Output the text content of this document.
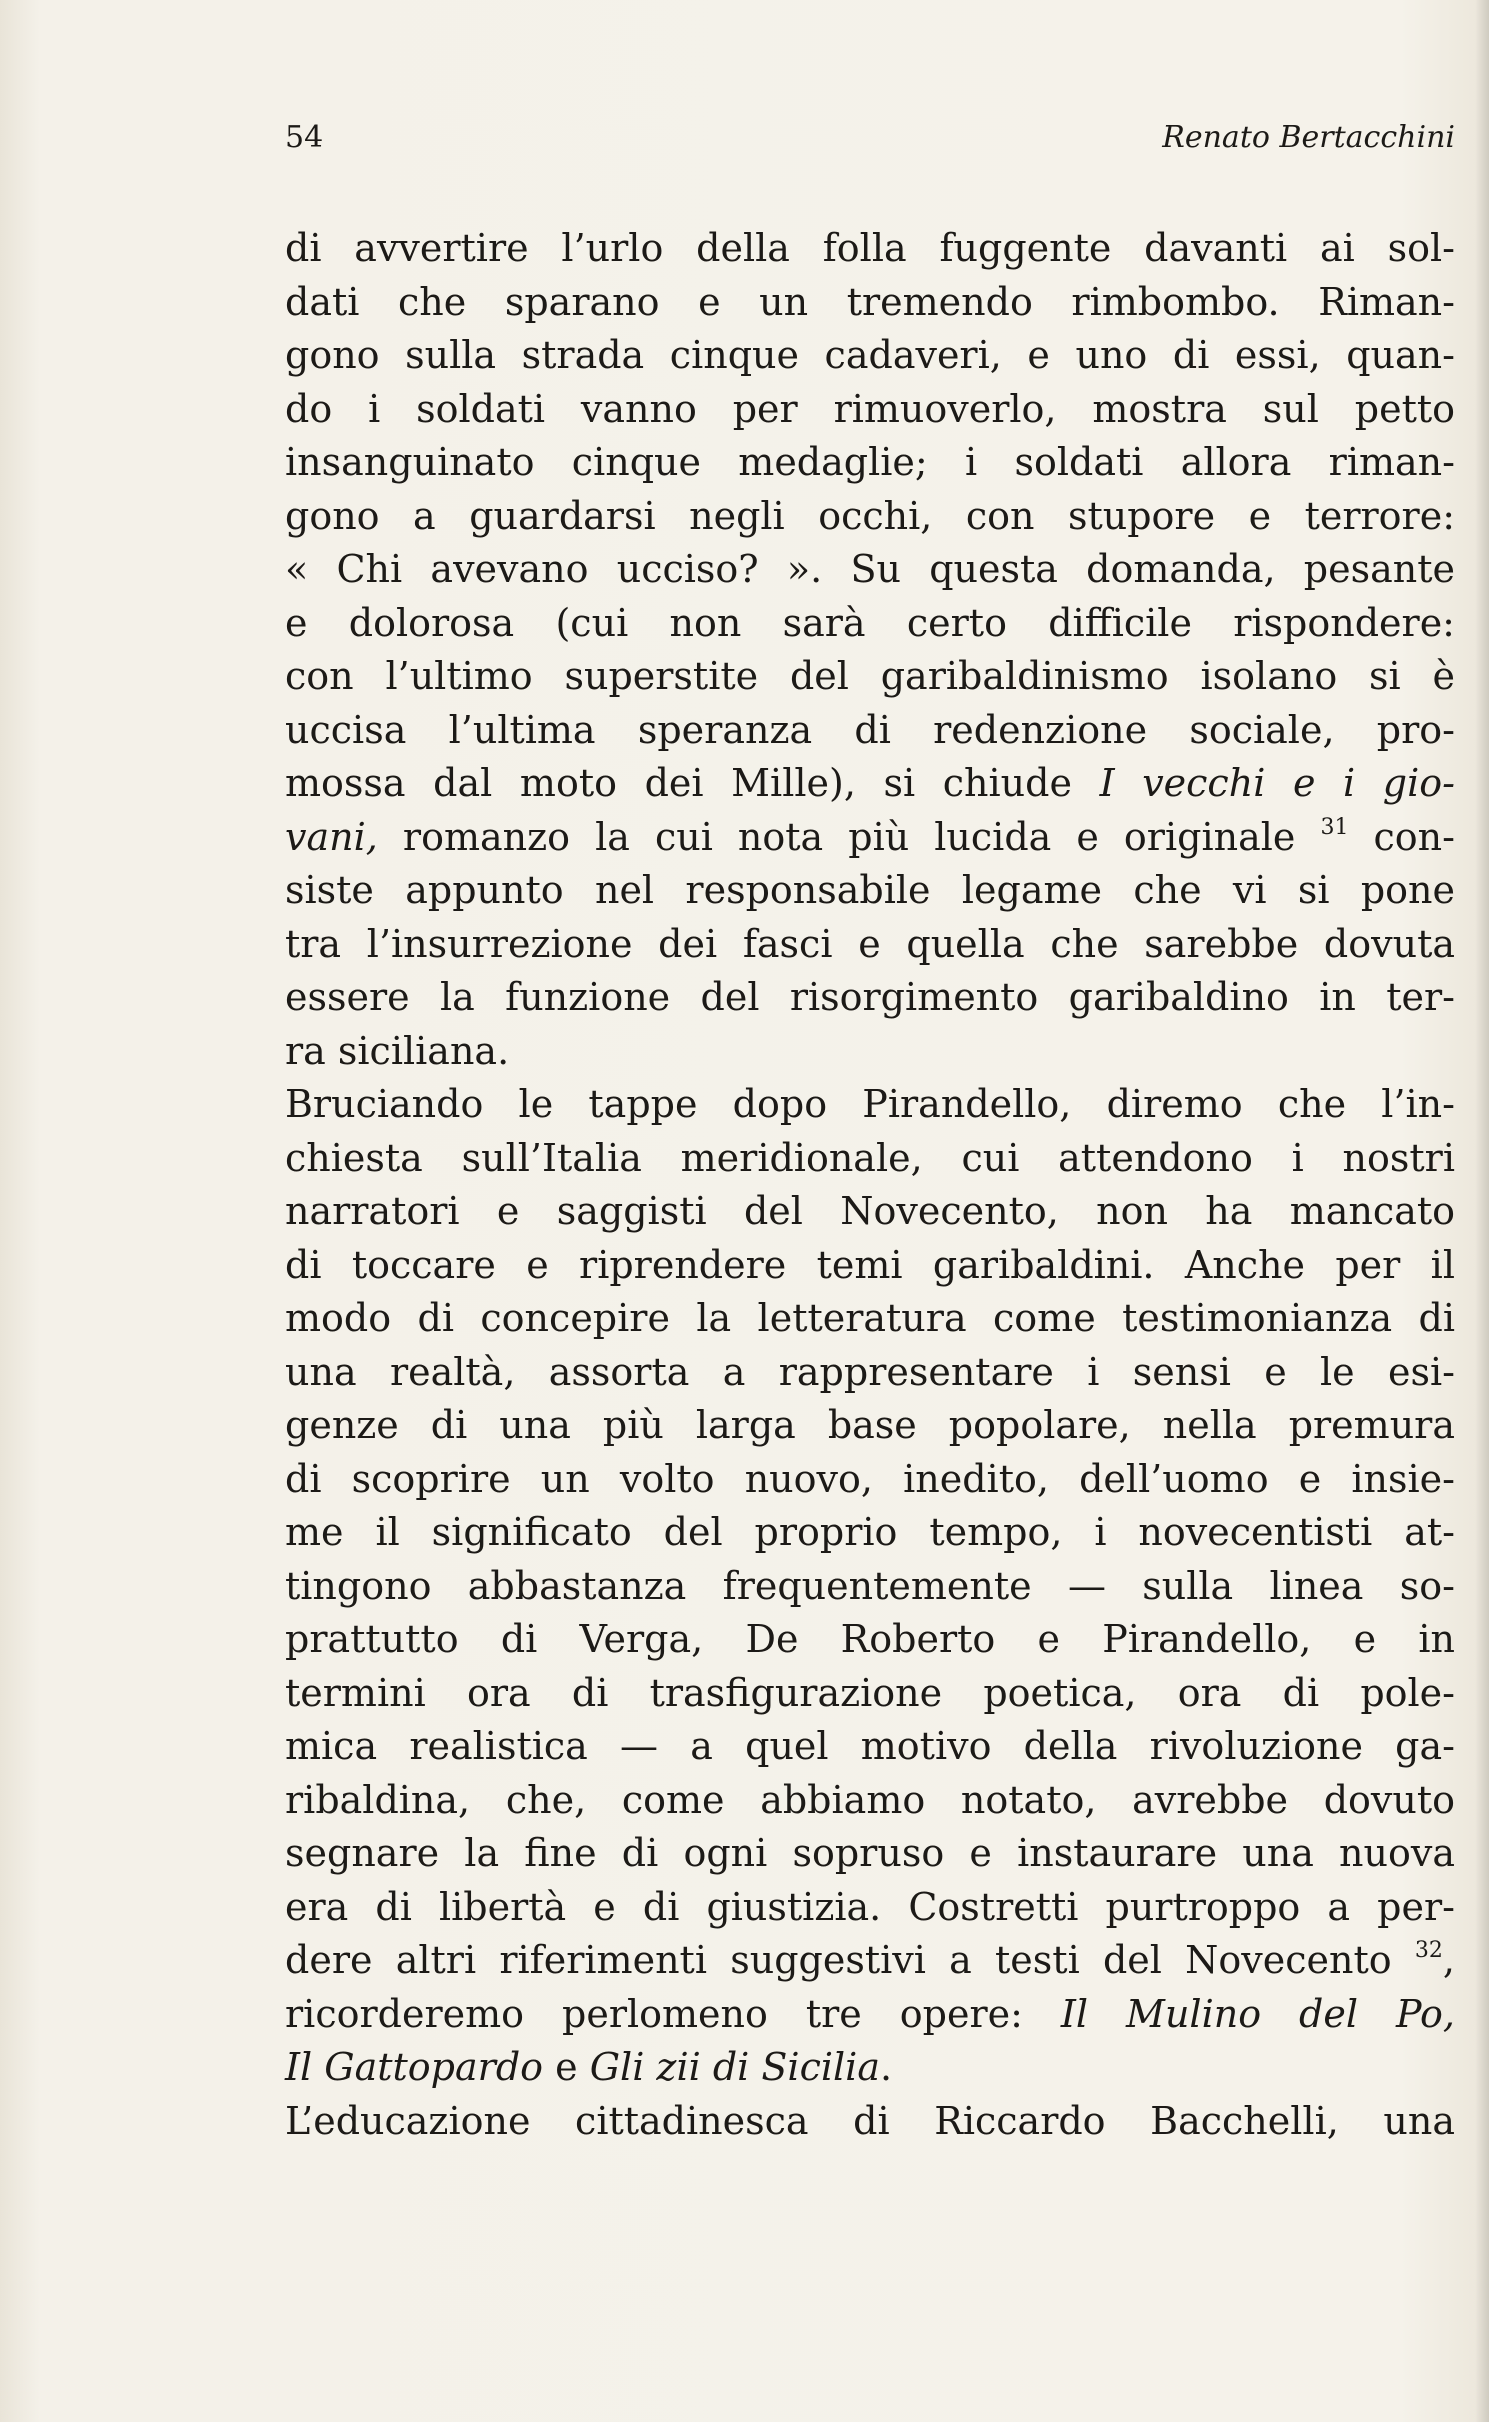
54	Renato Bertacchini
di avvertire l’urlo della folla fuggente davanti ai sol-
dati che sparano e un tremendo rimbombo. Riman-
gono sulla strada cinque cadaveri, e uno di essi, quan-
do i soldati vanno per rimuoverlo, mostra sul petto
insanguinato cinque medaglie; i soldati allora riman-
gono a guardarsi negli occhi, con stupore e terrore:
« Chi avevano ucciso? ». Su questa domanda, pesante
e dolorosa (cui non sarà certo difficile rispondere:
con l’ultimo superstite del garibaldinismo isolano si è
uccisa l’ultima speranza di redenzione sociale, pro-
mossa dal moto dei Mille), si chiude I vecchi e i gio-
vani, romanzo la cui nota più lucida e originale $^{31}$ con-
siste appunto nel responsabile legame che vi si pone
tra l’insurrezione dei fasci e quella che sarebbe dovuta
essere la funzione del risorgimento garibaldino in ter-
ra siciliana.
Bruciando le tappe dopo Pirandello, diremo che l’in-
chiesta sull’Italia meridionale, cui attendono i nostri
narratori e saggisti del Novecento, non ha mancato
di toccare e riprendere temi garibaldini. Anche per il
modo di concepire la letteratura come testimonianza di
una realtà, assorta a rappresentare i sensi e le esi-
genze di una più larga base popolare, nella premura
di scoprire un volto nuovo, inedito, dell’uomo e insie-
me il significato del proprio tempo, i novecentisti at-
tingono abbastanza frequentemente — sulla linea so-
prattutto di Verga, De Roberto e Pirandello, e in
termini ora di trasfigurazione poetica, ora di pole-
mica realistica — a quel motivo della rivoluzione ga-
ribaldina, che, come abbiamo notato, avrebbe dovuto
segnare la fine di ogni sopruso e instaurare una nuova
era di libertà e di giustizia. Costretti purtroppo a per-
dere altri riferimenti suggestivi a testi del Novecento $^{32}$,
ricorderemo perlomeno tre opere: Il Mulino del Po,
Il Gattopardo e Gli zii di Sicilia.
L’educazione cittadinesca di Riccardo Bacchelli, una
